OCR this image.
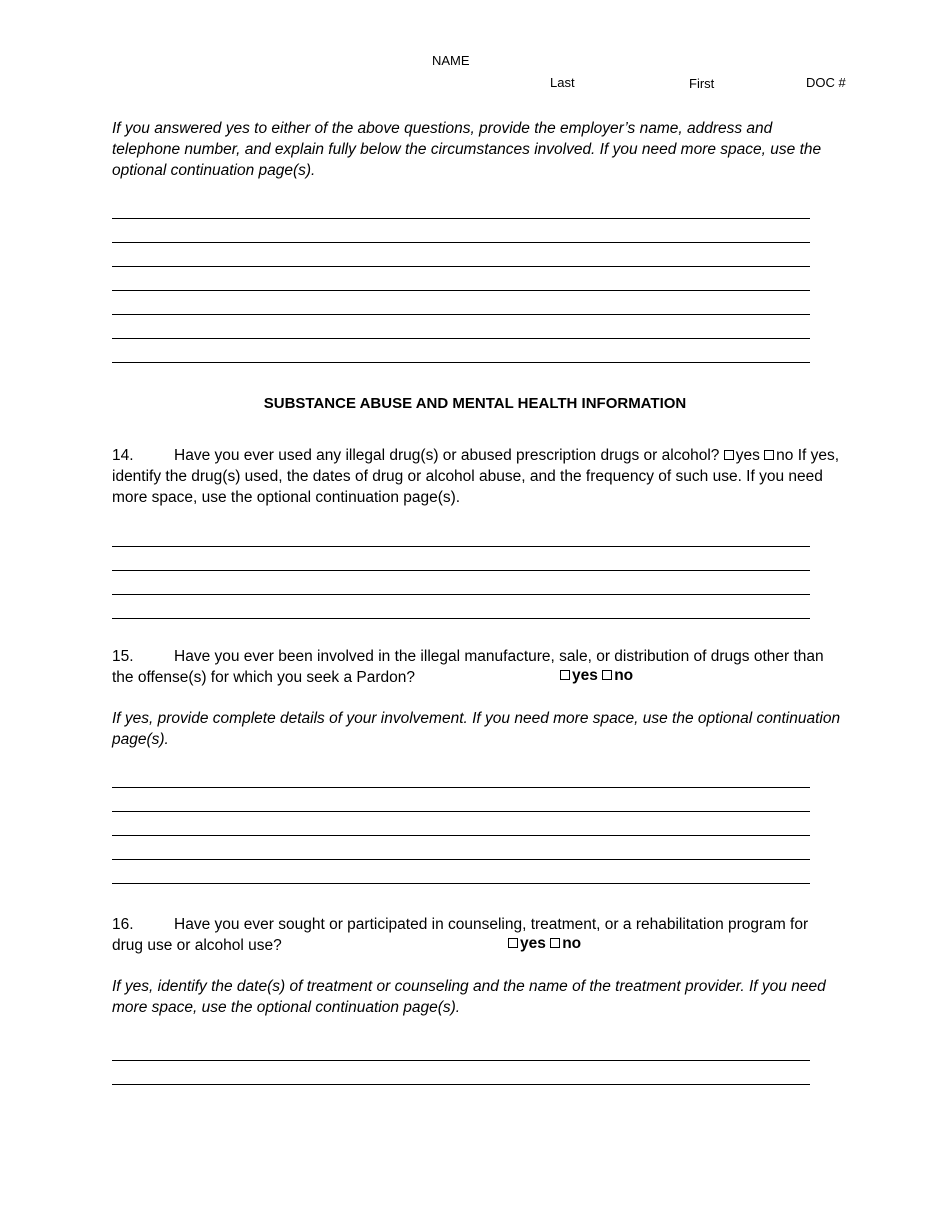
NAME
Last	First	DOC #
If you answered yes to either of the above questions, provide the employer’s name, address and telephone number, and explain fully below the circumstances involved. If you need more space, use the optional continuation page(s).
SUBSTANCE ABUSE AND MENTAL HEALTH INFORMATION
14.	Have you ever used any illegal drug(s) or abused prescription drugs or alcohol? yes no If yes, identify the drug(s) used, the dates of drug or alcohol abuse, and the frequency of such use. If you need more space, use the optional continuation page(s).
15.	Have you ever been involved in the illegal manufacture, sale, or distribution of drugs other than the offense(s) for which you seek a Pardon?	yes no
If yes, provide complete details of your involvement. If you need more space, use the optional continuation page(s).
16.	Have you ever sought or participated in counseling, treatment, or a rehabilitation program for drug use or alcohol use?	yes no
If yes, identify the date(s) of treatment or counseling and the name of the treatment provider. If you need more space, use the optional continuation page(s).
